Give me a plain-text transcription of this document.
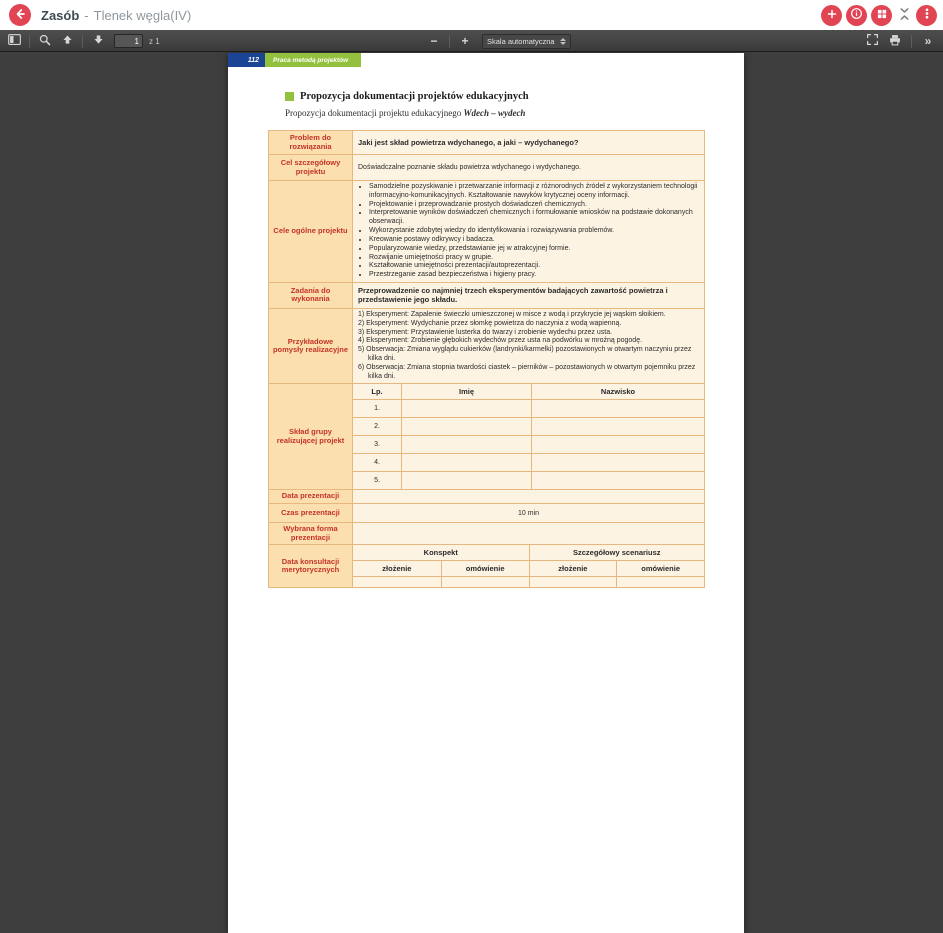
Zasób - Tlenek węgla(IV)
1
z 1	− + Skala automatyczna	»
112	Praca metodą projektów
Propozycja dokumentacji projektów edukacyjnych
Propozycja dokumentacji projektu edukacyjnego Wdech – wydech
Problem do rozwiązania	Jaki jest skład powietrza wdychanego, a jaki – wydychanego?
Cel szczegółowy projektu	Doświadczalne poznanie składu powietrza wdychanego i wydychanego.
Cele ogólne projektu	
• Samodzielne pozyskiwanie i przetwarzanie informacji z różnorodnych źródeł z wykorzystaniem technologii informacyjno-komunikacyjnych. Kształtowanie nawyków krytycznej oceny informacji.
• Projektowanie i przeprowadzanie prostych doświadczeń chemicznych.
• Interpretowanie wyników doświadczeń chemicznych i formułowanie wniosków na podstawie dokonanych obserwacji.
• Wykorzystanie zdobytej wiedzy do identyfikowania i rozwiązywania problemów.
• Kreowanie postawy odkrywcy i badacza.
• Popularyzowanie wiedzy, przedstawianie jej w atrakcyjnej formie.
• Rozwijanie umiejętności pracy w grupie.
• Kształtowanie umiejętności prezentacji/autoprezentacji.
• Przestrzeganie zasad bezpieczeństwa i higieny pracy.

Zadania do wykonania	Przeprowadzenie co najmniej trzech eksperymentów badających zawartość powietrza i przedstawienie jego składu.
Przykładowe pomysły realizacyjne	
1) Eksperyment: Zapalenie świeczki umieszczonej w misce z wodą i przykrycie jej wąskim słoikiem.
2) Eksperyment: Wydychanie przez słomkę powietrza do naczynia z wodą wapienną.
3) Eksperyment: Przystawienie lusterka do twarzy i zrobienie wydechu przez usta.
4) Eksperyment: Zrobienie głębokich wydechów przez usta na podwórku w mroźną pogodę.
5) Obserwacja: Zmiana wyglądu cukierków (landrynki/karmelki) pozostawionych w otwartym naczyniu przez kilka dni.
6) Obserwacja: Zmiana stopnia twardości ciastek – pierników – pozostawionych w otwartym pojemniku przez kilka dni.

Skład grupy realizującej projekt	
Lp.	Imię	Nazwisko
1.
2.
3.
4.
5.

Data prezentacji	
Czas prezentacji	10 min
Wybrana forma prezentacji	
Data konsultacji merytorycznych	
Konspekt	Szczegółowy scenariusz
złożenie	omówienie	złożenie	omówienie
